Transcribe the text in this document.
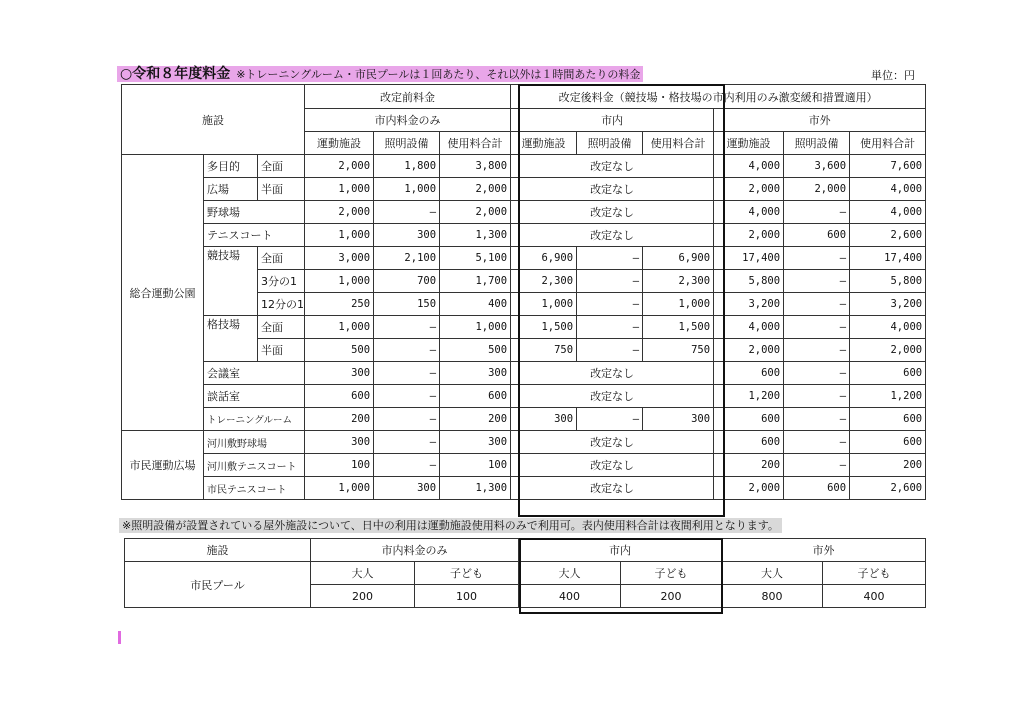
○令和８年度料金 ※トレーニングルーム・市民プールは１回あたり、それ以外は１時間あたりの料金	単位：円
施設			改定前料金			改定後料金（競技場・格技場の市内利用のみ激変緩和措置適用）					
			市内料金のみ			市内			市外		
			運動施設	照明設備	使用料合計	運動施設	照明設備	使用料合計	運動施設	照明設備	使用料合計
総合運動公園	多目的	全面	2,000	1,800	3,800	改定なし			4,000	3,600	7,600
	広場	半面	1,000	1,000	2,000	改定なし			2,000	2,000	4,000
	野球場		2,000	—	2,000	改定なし			4,000	—	4,000
	テニスコート		1,000	300	1,300	改定なし			2,000	600	2,600
	競技場	全面	3,000	2,100	5,100	6,900	—	6,900	17,400	—	17,400
		3分の1	1,000	700	1,700	2,300	—	2,300	5,800	—	5,800
		12分の1	250	150	400	1,000	—	1,000	3,200	—	3,200
	格技場	全面	1,000	—	1,000	1,500	—	1,500	4,000	—	4,000
		半面	500	—	500	750	—	750	2,000	—	2,000
	会議室		300	—	300	改定なし			600	—	600
	談話室		600	—	600	改定なし			1,200	—	1,200
	トレーニングルーム		200	—	200	300	—	300	600	—	600
市民運動広場	河川敷野球場		300	—	300	改定なし			600	—	600
	河川敷テニスコート		100	—	100	改定なし			200	—	200
	市民テニスコート		1,000	300	1,300	改定なし			2,000	600	2,600
※照明設備が設置されている屋外施設について、日中の利用は運動施設使用料のみで利用可。表内使用料合計は夜間利用となります。
施設	市内料金のみ		市内		市外	
市民プール	大人	子ども	大人	子ども	大人	子ども
	200	100	400	200	800	400
